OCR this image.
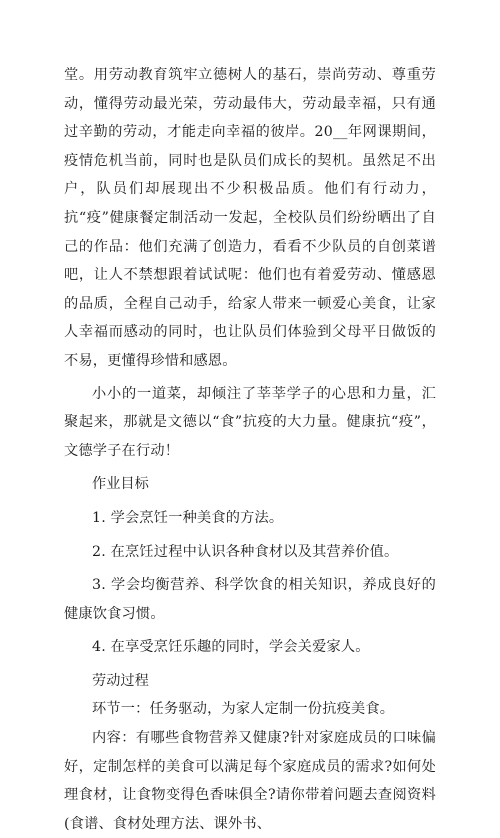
堂。用劳动教育筑牢立德树人的基石，崇尚劳动、尊重劳动，懂得劳动最光荣，劳动最伟大，劳动最幸福，只有通过辛勤的劳动，才能走向幸福的彼岸。20__年网课期间，疫情危机当前，同时也是队员们成长的契机。虽然足不出户，队员们却展现出不少积极品质。他们有行动力，抗“疫”健康餐定制活动一发起，全校队员们纷纷晒出了自己的作品：他们充满了创造力，看看不少队员的自创菜谱吧，让人不禁想跟着试试呢：他们也有着爱劳动、懂感恩的品质，全程自己动手，给家人带来一顿爱心美食，让家人幸福而感动的同时，也让队员们体验到父母平日做饭的不易，更懂得珍惜和感恩。

小小的一道菜，却倾注了莘莘学子的心思和力量，汇聚起来，那就是文德以“食”抗疫的大力量。健康抗“疫”，文德学子在行动！

作业目标

1. 学会烹饪一种美食的方法。

2. 在烹饪过程中认识各种食材以及其营养价值。

3. 学会均衡营养、科学饮食的相关知识，养成良好的健康饮食习惯。

4. 在享受烹饪乐趣的同时，学会关爱家人。

劳动过程

环节一：任务驱动，为家人定制一份抗疫美食。

内容：有哪些食物营养又健康?针对家庭成员的口味偏好，定制怎样的美食可以满足每个家庭成员的需求?如何处理食材，让食物变得色香味俱全?请你带着问题去查阅资料(食谱、食材处理方法、课外书、
